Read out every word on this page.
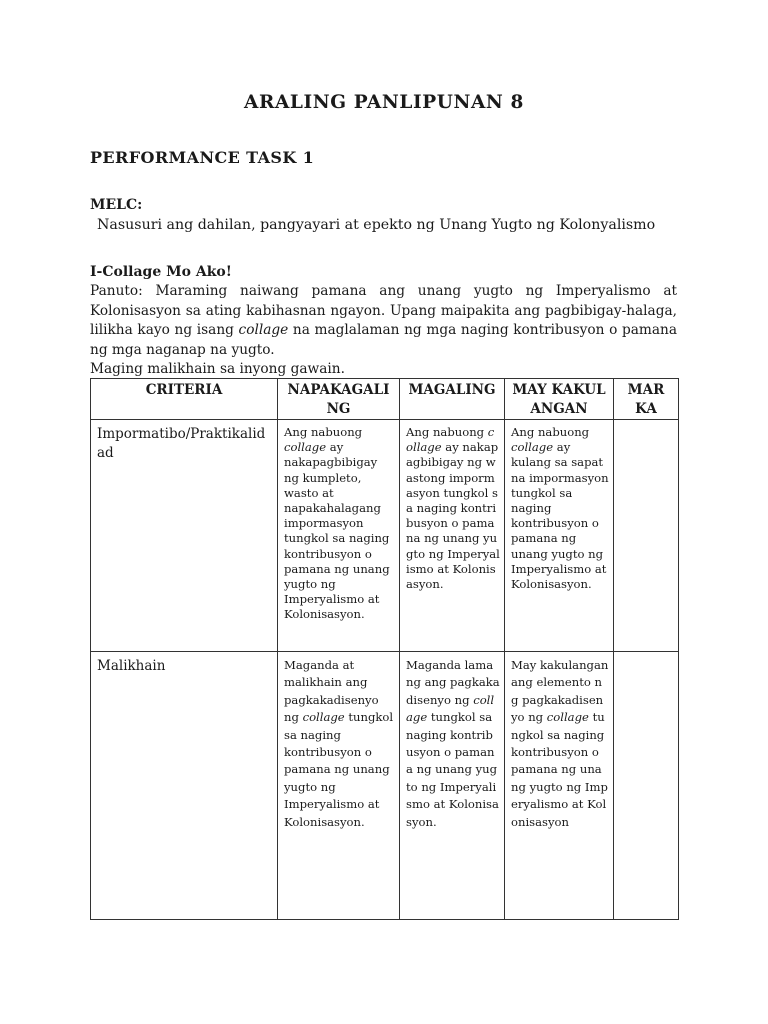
ARALING PANLIPUNAN 8
PERFORMANCE TASK 1
MELC:
Nasusuri ang dahilan, pangyayari at epekto ng Unang Yugto ng Kolonyalismo
I-Collage Mo Ako!

Panuto: Maraming naiwang pamana ang unang yugto ng Imperyalismo at Kolonisasyon sa ating kabihasnan ngayon. Upang maipakita ang pagbibigay-halaga, lilikha kayo ng isang collage na maglalaman ng mga naging kontribusyon o pamana ng mga naganap na yugto.

Maging malikhain sa inyong gawain.

CRITERIA	NAPAKAGALING	MAGALING	MAY KAKULANGAN	MARKA
Impormatibo/Praktikalidad	Ang nabuong collage ay nakapagbibigay ng kumpleto, wasto at napakahalagang impormasyon tungkol sa naging kontribusyon o pamana ng unang yugto ng Imperyalismo at Kolonisasyon.	Ang nabuong collage ay nakapagbibigay ng wastong impormasyon tungkol sa naging kontribusyon o pamana ng unang yugto ng Imperyalismo at Kolonisasyon.	Ang nabuong collage ay kulang sa sapat na impormasyon tungkol sa naging kontribusyon o pamana ng unang yugto ng Imperyalismo at Kolonisasyon.	
Malikhain	Maganda at malikhain ang pagkakadisenyo ng collage tungkol sa naging kontribusyon o pamana ng unang yugto ng Imperyalismo at Kolonisasyon.	Maganda lamang ang pagkakadisenyo ng collage tungkol sa naging kontribusyon o pamana ng unang yugto ng Imperyalismo at Kolonisasyon.	May kakulangan ang elemento ng pagkakadisenyo ng collage tungkol sa naging kontribusyon o pamana ng unang yugto ng Imperyalismo at Kolonisasyon	
